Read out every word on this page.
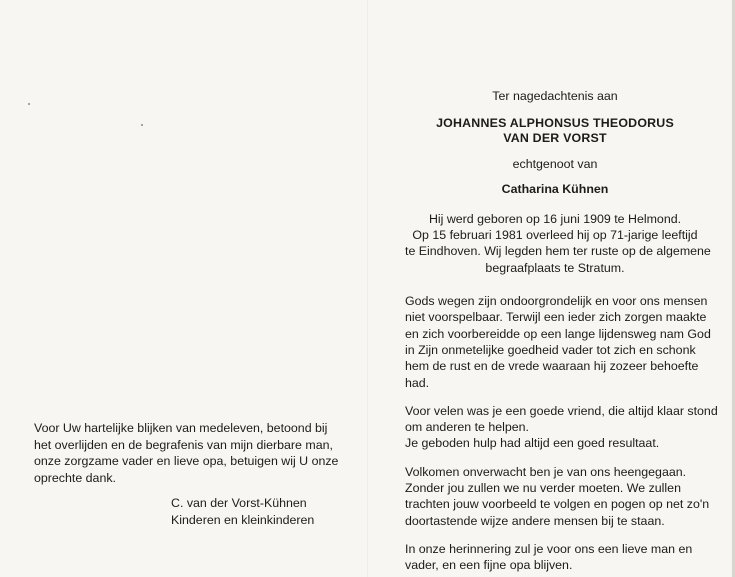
Voor Uw hartelijke blijken van medeleven, betoond bij

het overlijden en de begrafenis van mijn dierbare man,

onze zorgzame vader en lieve opa, betuigen wij U onze

oprechte dank.

C. van der Vorst-Kühnen
Kinderen en kleinkinderen
Ter nagedachtenis aan
JOHANNES ALPHONSUS THEODORUS
VAN DER VORST
echtgenoot van
Catharina Kühnen
Hij werd geboren op 16 juni 1909 te Helmond.
Op 15 februari 1981 overleed hij op 71-jarige leeftijd
te Eindhoven. Wij legden hem ter ruste op de algemene
begraafplaats te Stratum.
Gods wegen zijn ondoorgrondelijk en voor ons mensen
niet voorspelbaar. Terwijl een ieder zich zorgen maakte
en zich voorbereidde op een lange lijdensweg nam God
in Zijn onmetelijke goedheid vader tot zich en schonk
hem de rust en de vrede waaraan hij zozeer behoefte
had.
Voor velen was je een goede vriend, die altijd klaar stond
om anderen te helpen.
Je geboden hulp had altijd een goed resultaat.
Volkomen onverwacht ben je van ons heengegaan.
Zonder jou zullen we nu verder moeten. We zullen
trachten jouw voorbeeld te volgen en pogen op net zo'n
doortastende wijze andere mensen bij te staan.
In onze herinnering zul je voor ons een lieve man en
vader, en een fijne opa blijven.
